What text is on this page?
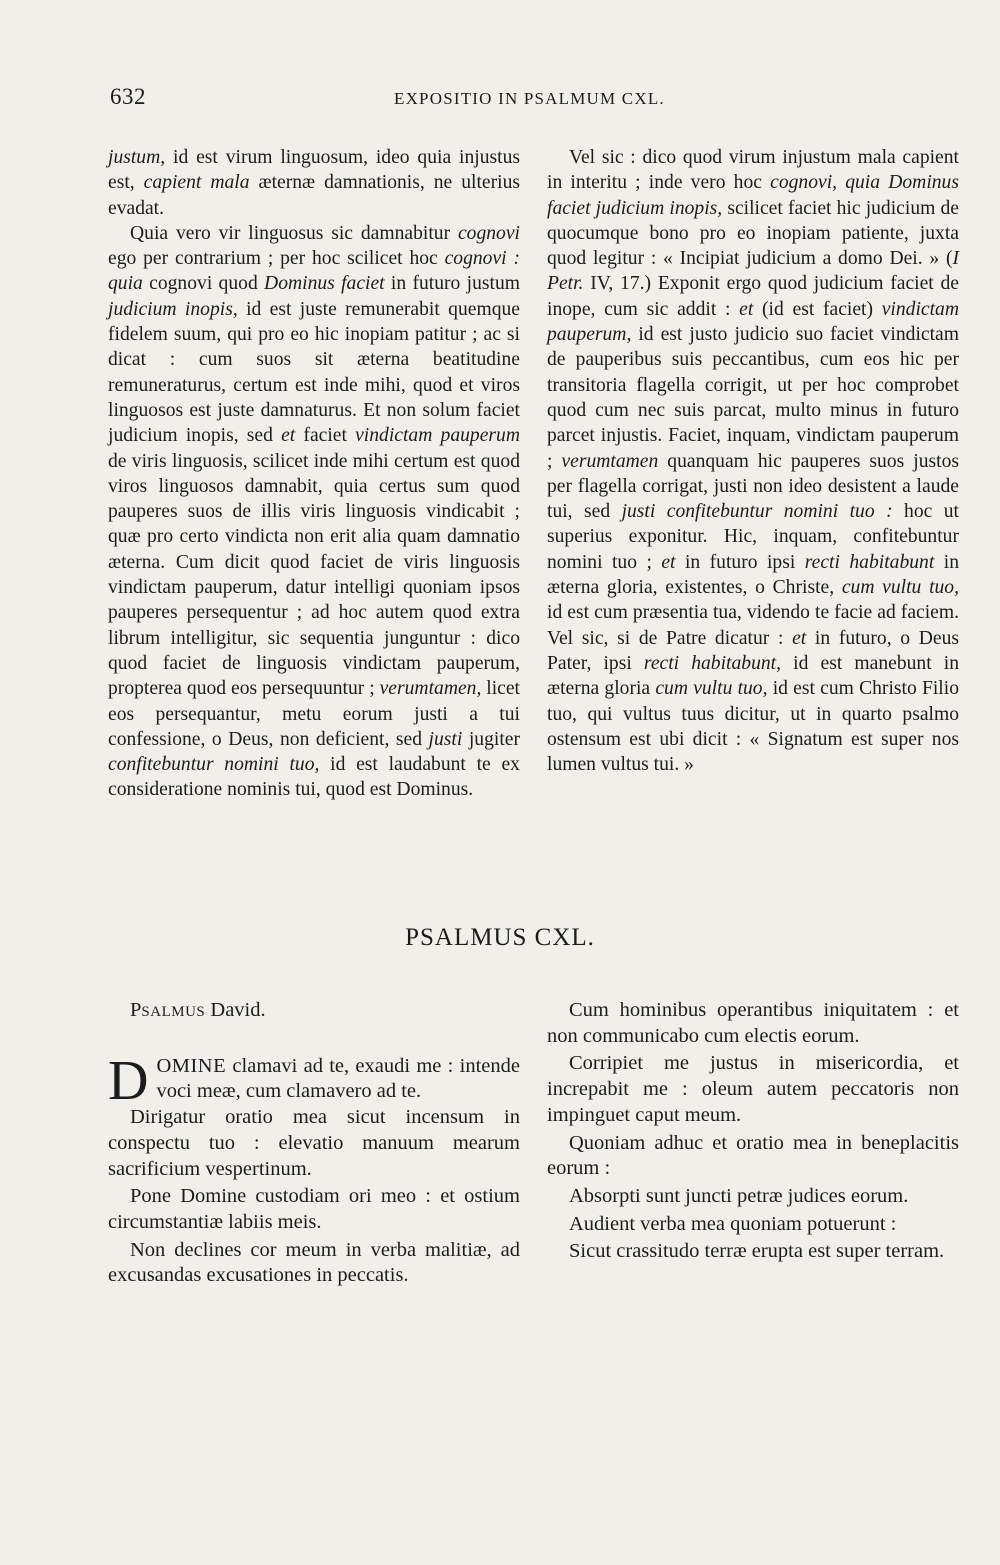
632	EXPOSITIO IN PSALMUM CXL.

justum, id est virum linguosum, ideo quia injustus est, capient mala æternæ damnationis, ne ulterius evadat.

Quia vero vir linguosus sic damnabitur cognovi ego per contrarium ; per hoc scilicet hoc cognovi : quia cognovi quod Dominus faciet in futuro justum judicium inopis, id est juste remunerabit quemque fidelem suum, qui pro eo hic inopiam patitur ; ac si dicat : cum suos sit æterna beatitudine remuneraturus, certum est inde mihi, quod et viros linguosos est juste damnaturus. Et non solum faciet judicium inopis, sed et faciet vindictam pauperum de viris linguosis, scilicet inde mihi certum est quod viros linguosos damnabit, quia certus sum quod pauperes suos de illis viris linguosis vindicabit ; quæ pro certo vindicta non erit alia quam damnatio æterna. Cum dicit quod faciet de viris linguosis vindictam pauperum, datur intelligi quoniam ipsos pauperes persequentur ; ad hoc autem quod extra librum intelligitur, sic sequentia junguntur : dico quod faciet de linguosis vindictam pauperum, propterea quod eos persequuntur ; verumtamen, licet eos persequantur, metu eorum justi a tui confessione, o Deus, non deficient, sed justi jugiter confitebuntur nomini tuo, id est laudabunt te ex consideratione nominis tui, quod est Dominus.

Vel sic : dico quod virum injustum mala capient in interitu ; inde vero hoc cognovi, quia Dominus faciet judicium inopis, scilicet faciet hic judicium de quocumque bono pro eo inopiam patiente, juxta quod legitur : « Incipiat judicium a domo Dei. » (I Petr. IV, 17.) Exponit ergo quod judicium faciet de inope, cum sic addit : et (id est faciet) vindictam pauperum, id est justo judicio suo faciet vindictam de pauperibus suis peccantibus, cum eos hic per transitoria flagella corrigit, ut per hoc comprobet quod cum nec suis parcat, multo minus in futuro parcet injustis. Faciet, inquam, vindictam pauperum ; verumtamen quanquam hic pauperes suos justos per flagella corrigat, justi non ideo desistent a laude tui, sed justi confitebuntur nomini tuo : hoc ut superius exponitur. Hic, inquam, confitebuntur nomini tuo ; et in futuro ipsi recti habitabunt in æterna gloria, existentes, o Christe, cum vultu tuo, id est cum præsentia tua, videndo te facie ad faciem. Vel sic, si de Patre dicatur : et in futuro, o Deus Pater, ipsi recti habitabunt, id est manebunt in æterna gloria cum vultu tuo, id est cum Christo Filio tuo, qui vultus tuus dicitur, ut in quarto psalmo ostensum est ubi dicit : « Signatum est super nos lumen vultus tui. »

PSALMUS CXL.

PSALMUS David.

DOMINE clamavi ad te, exaudi me : intende voci meæ, cum clamavero ad te.

Dirigatur oratio mea sicut incensum in conspectu tuo : elevatio manuum mearum sacrificium vespertinum.

Pone Domine custodiam ori meo : et ostium circumstantiæ labiis meis.

Non declines cor meum in verba malitiæ, ad excusandas excusationes in peccatis.

Cum hominibus operantibus iniquitatem : et non communicabo cum electis eorum.

Corripiet me justus in misericordia, et increpabit me : oleum autem peccatoris non impinguet caput meum.

Quoniam adhuc et oratio mea in beneplacitis eorum :

Absorpti sunt juncti petræ judices eorum.

Audient verba mea quoniam potuerunt :

Sicut crassitudo terræ erupta est super terram.
